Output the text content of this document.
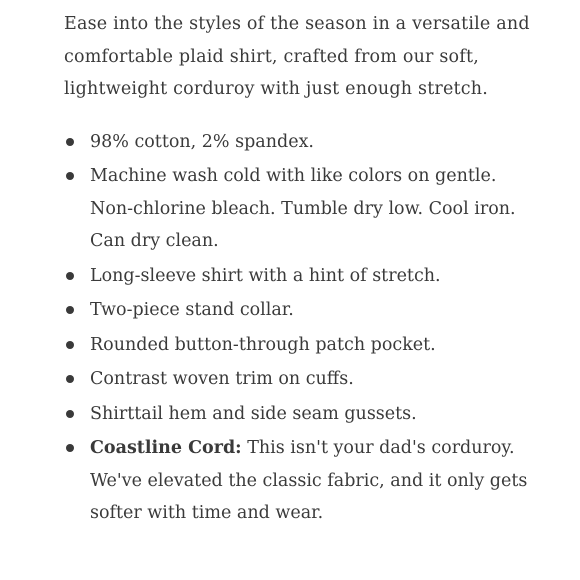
Ease into the styles of the season in a versatile and comfortable plaid shirt, crafted from our soft, lightweight corduroy with just enough stretch.

98% cotton, 2% spandex.
Machine wash cold with like colors on gentle. Non-chlorine bleach. Tumble dry low. Cool iron. Can dry clean.
Long-sleeve shirt with a hint of stretch.
Two-piece stand collar.
Rounded button-through patch pocket.
Contrast woven trim on cuffs.
Shirttail hem and side seam gussets.
Coastline Cord: This isn't your dad's corduroy. We've elevated the classic fabric, and it only gets softer with time and wear.
